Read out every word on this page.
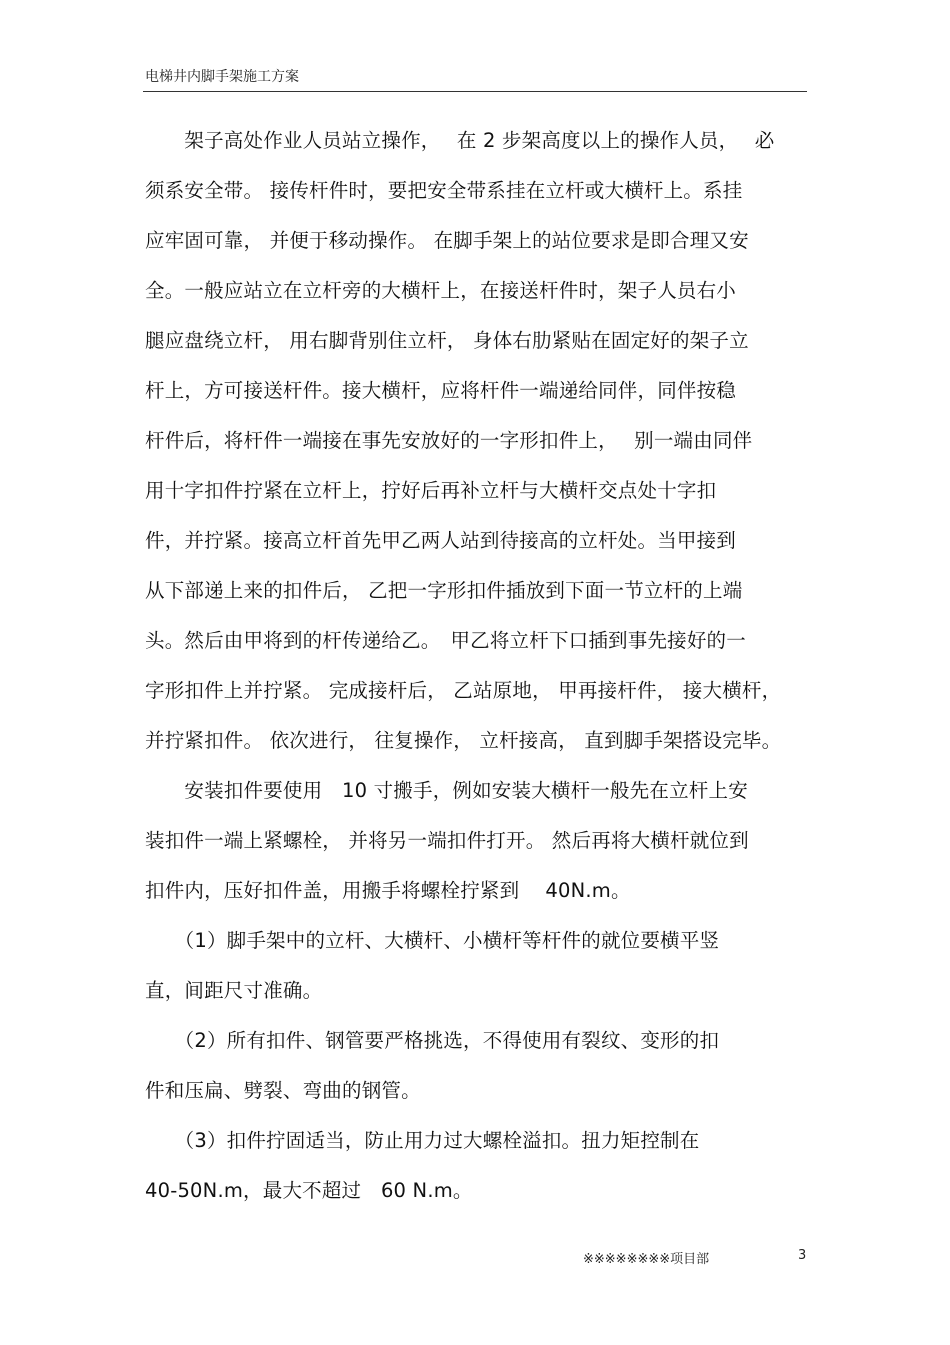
电梯井内脚手架施工方案
　　架子高处作业人员站立操作，　 在 2 步架高度以上的操作人员，　 必
须系安全带。 接传杆件时，要把安全带系挂在立杆或大横杆上。系挂
应牢固可靠， 并便于移动操作。 在脚手架上的站位要求是即合理又安
全。一般应站立在立杆旁的大横杆上，在接送杆件时，架子人员右小
腿应盘绕立杆， 用右脚背别住立杆， 身体右肋紧贴在固定好的架子立
杆上，方可接送杆件。接大横杆，应将杆件一端递给同伴，同伴按稳
杆件后，将杆件一端接在事先安放好的一字形扣件上，　 别一端由同伴
用十字扣件拧紧在立杆上，拧好后再补立杆与大横杆交点处十字扣
件，并拧紧。接高立杆首先甲乙两人站到待接高的立杆处。当甲接到
从下部递上来的扣件后， 乙把一字形扣件插放到下面一节立杆的上端
头。然后由甲将到的杆传递给乙。　甲乙将立杆下口插到事先接好的一
字形扣件上并拧紧。 完成接杆后， 乙站原地， 甲再接杆件， 接大横杆，
并拧紧扣件。 依次进行， 往复操作， 立杆接高， 直到脚手架搭设完毕。
　　安装扣件要使用　10 寸搬手，例如安装大横杆一般先在立杆上安
装扣件一端上紧螺栓， 并将另一端扣件打开。 然后再将大横杆就位到
扣件内，压好扣件盖，用搬手将螺栓拧紧到　 40N.m。
　　（1）脚手架中的立杆、大横杆、小横杆等杆件的就位要横平竖
直，间距尺寸准确。
　　（2）所有扣件、钢管要严格挑选，不得使用有裂纹、变形的扣
件和压扁、劈裂、弯曲的钢管。
　　（3）扣件拧固适当，防止用力过大螺栓溢扣。扭力矩控制在
40-50N.m，最大不超过　60 N.m。
※※※※※※※※项目部	3
